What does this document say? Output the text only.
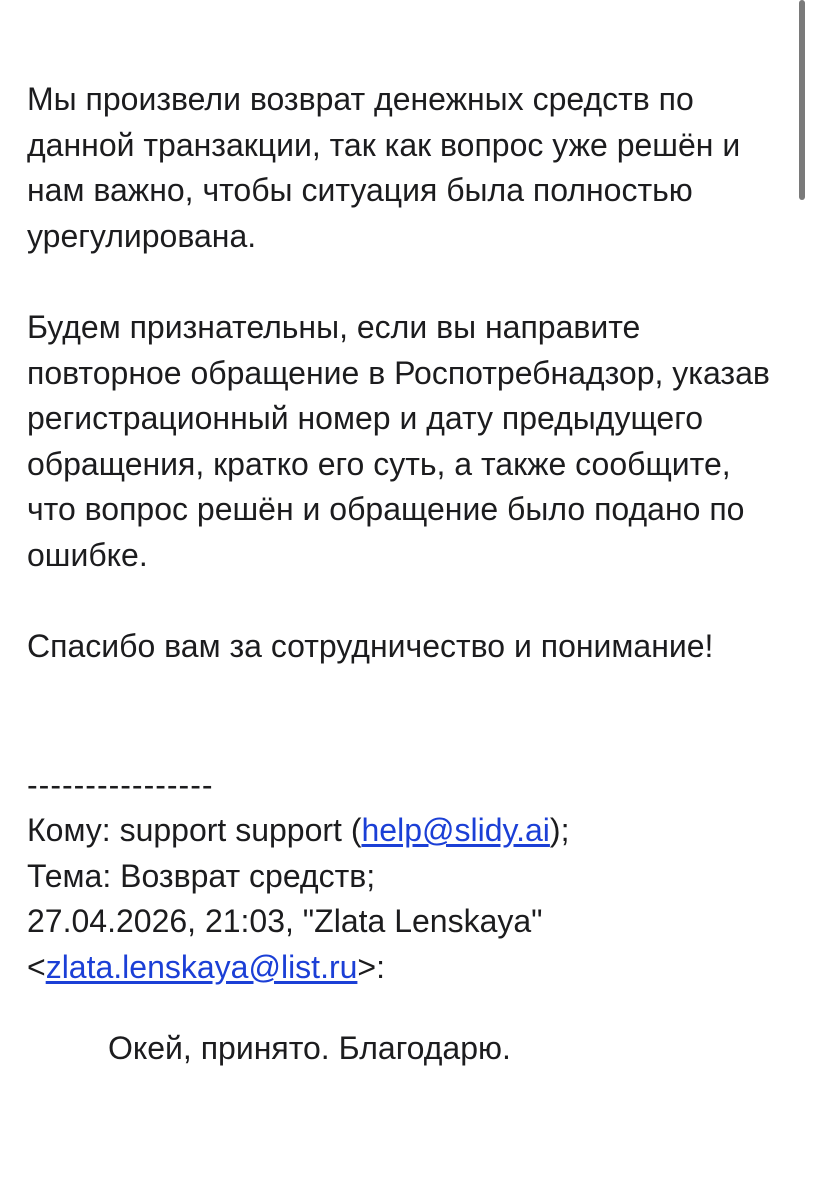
Мы произвели возврат денежных средств по данной транзакции, так как вопрос уже решён и нам важно, чтобы ситуация была полностью урегулирована.

Будем признательны, если вы направите повторное обращение в Роспотребнадзор, указав регистрационный номер и дату предыдущего обращения, кратко его суть, а также сообщите, что вопрос решён и обращение было подано по ошибке.

Спасибо вам за сотрудничество и понимание!

----------------

Кому: support support (help@slidy.ai);

Тема: Возврат средств;

27.04.2026, 21:03, "Zlata Lenskaya"

<zlata.lenskaya@list.ru>:

Окей, принято. Благодарю.
